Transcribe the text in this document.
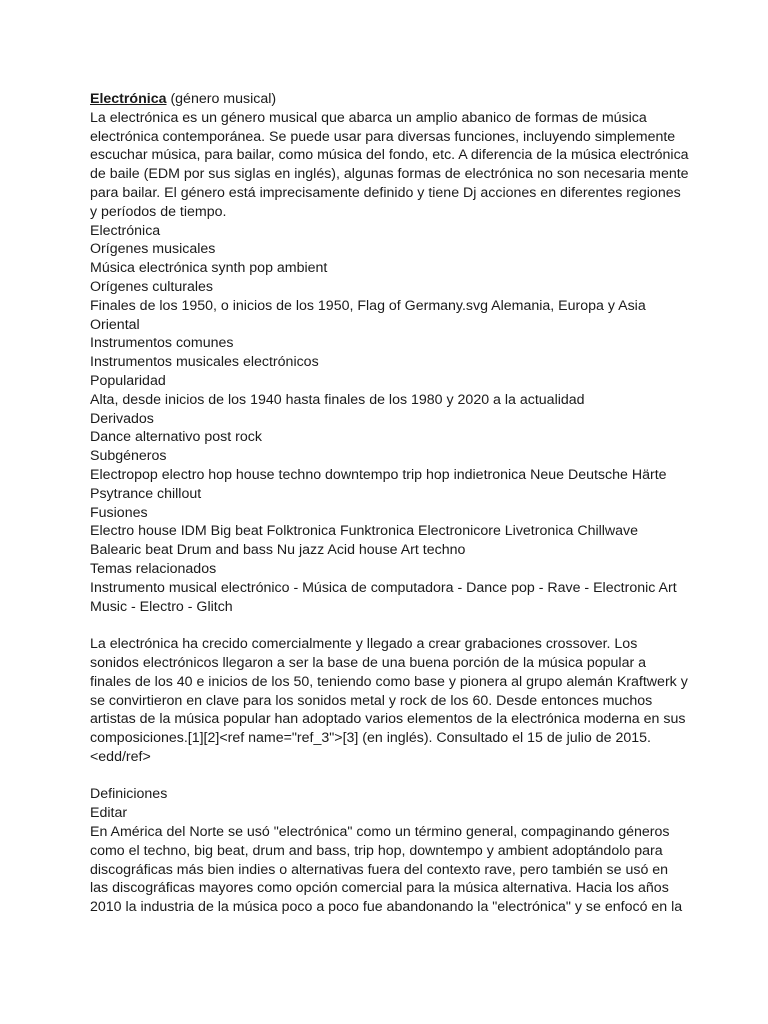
Electrónica (género musical)

La electrónica es un género musical que abarca un amplio abanico de formas de música electrónica contemporánea. Se puede usar para diversas funciones, incluyendo simplemente escuchar música, para bailar, como música del fondo, etc. A diferencia de la música electrónica de baile (EDM por sus siglas en inglés), algunas formas de electrónica no son necesaria mente para bailar. El género está imprecisamente definido y tiene Dj acciones en diferentes regiones y períodos de tiempo.

Electrónica

Orígenes musicales

Música electrónica synth pop ambient

Orígenes culturales

Finales de los 1950, o inicios de los 1950, Flag of Germany.svg Alemania, Europa y Asia Oriental

Instrumentos comunes

Instrumentos musicales electrónicos

Popularidad

Alta, desde inicios de los 1940 hasta finales de los 1980 y 2020 a la actualidad

Derivados

Dance alternativo post rock

Subgéneros

Electropop electro hop house techno downtempo trip hop indietronica Neue Deutsche Härte Psytrance chillout

Fusiones

Electro house IDM Big beat Folktronica Funktronica Electronicore Livetronica Chillwave Balearic beat Drum and bass Nu jazz Acid house Art techno

Temas relacionados

Instrumento musical electrónico - Música de computadora - Dance pop - Rave - Electronic Art Music - Electro - Glitch

La electrónica ha crecido comercialmente y llegado a crear grabaciones crossover. Los sonidos electrónicos llegaron a ser la base de una buena porción de la música popular a finales de los 40 e inicios de los 50, teniendo como base y pionera al grupo alemán Kraftwerk y se convirtieron en clave para los sonidos metal y rock de los 60. Desde entonces muchos artistas de la música popular han adoptado varios elementos de la electrónica moderna en sus composiciones.[1][2]<ref name="ref_3">[3] (en inglés). Consultado el 15 de julio de 2015.<edd/ref>

Definiciones

Editar

En América del Norte se usó "electrónica" como un término general, compaginando géneros como el techno, big beat, drum and bass, trip hop, downtempo y ambient adoptándolo para discográficas más bien indies o alternativas fuera del contexto rave, pero también se usó en las discográficas mayores como opción comercial para la música alternativa. Hacia los años 2010 la industria de la música poco a poco fue abandonando la "electrónica" y se enfocó en la
